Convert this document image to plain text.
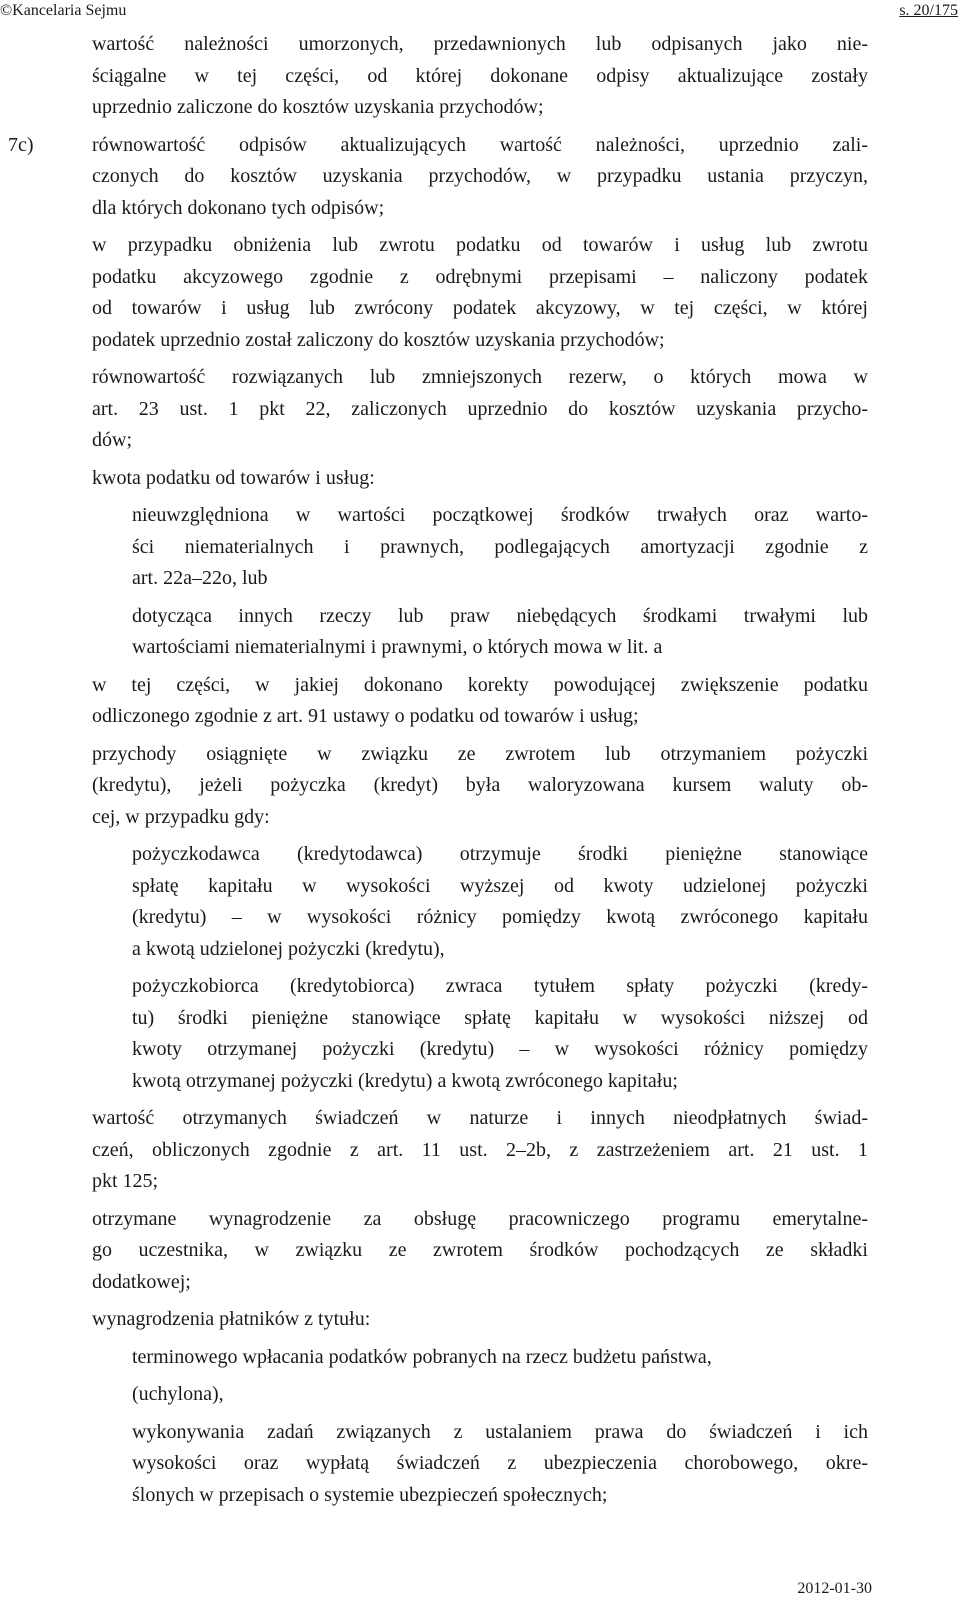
©Kancelaria Sejmu	s. 20/175
wartość należności umorzonych, przedawnionych lub odpisanych jako nie-
ściągalne w tej części, od której dokonane odpisy aktualizujące zostały
uprzednio zaliczone do kosztów uzyskania przychodów;
7c)	równowartość odpisów aktualizujących wartość należności, uprzednio zali-
czonych do kosztów uzyskania przychodów, w przypadku ustania przyczyn,
dla których dokonano tych odpisów;
w przypadku obniżenia lub zwrotu podatku od towarów i usług lub zwrotu
podatku akcyzowego zgodnie z odrębnymi przepisami – naliczony podatek
od towarów i usług lub zwrócony podatek akcyzowy, w tej części, w której
podatek uprzednio został zaliczony do kosztów uzyskania przychodów;
równowartość rozwiązanych lub zmniejszonych rezerw, o których mowa w
art. 23 ust. 1 pkt 22, zaliczonych uprzednio do kosztów uzyskania przycho-
dów;
kwota podatku od towarów i usług:
nieuwzględniona w wartości początkowej środków trwałych oraz warto-
ści niematerialnych i prawnych, podlegających amortyzacji zgodnie z
art. 22a–22o, lub
dotycząca innych rzeczy lub praw niebędących środkami trwałymi lub
wartościami niematerialnymi i prawnymi, o których mowa w lit. a
w tej części, w jakiej dokonano korekty powodującej zwiększenie podatku
odliczonego zgodnie z art. 91 ustawy o podatku od towarów i usług;
przychody osiągnięte w związku ze zwrotem lub otrzymaniem pożyczki
(kredytu), jeżeli pożyczka (kredyt) była waloryzowana kursem waluty ob-
cej, w przypadku gdy:
pożyczkodawca (kredytodawca) otrzymuje środki pieniężne stanowiące
spłatę kapitału w wysokości wyższej od kwoty udzielonej pożyczki
(kredytu) – w wysokości różnicy pomiędzy kwotą zwróconego kapitału
a kwotą udzielonej pożyczki (kredytu),
pożyczkobiorca (kredytobiorca) zwraca tytułem spłaty pożyczki (kredy-
tu) środki pieniężne stanowiące spłatę kapitału w wysokości niższej od
kwoty otrzymanej pożyczki (kredytu) – w wysokości różnicy pomiędzy
kwotą otrzymanej pożyczki (kredytu) a kwotą zwróconego kapitału;
wartość otrzymanych świadczeń w naturze i innych nieodpłatnych świad-
czeń, obliczonych zgodnie z art. 11 ust. 2–2b, z zastrzeżeniem art. 21 ust. 1
pkt 125;
otrzymane wynagrodzenie za obsługę pracowniczego programu emerytalne-
go uczestnika, w związku ze zwrotem środków pochodzących ze składki
dodatkowej;
wynagrodzenia płatników z tytułu:
terminowego wpłacania podatków pobranych na rzecz budżetu państwa,
(uchylona),
wykonywania zadań związanych z ustalaniem prawa do świadczeń i ich
wysokości oraz wypłatą świadczeń z ubezpieczenia chorobowego, okre-
ślonych w przepisach o systemie ubezpieczeń społecznych;
2012-01-30
